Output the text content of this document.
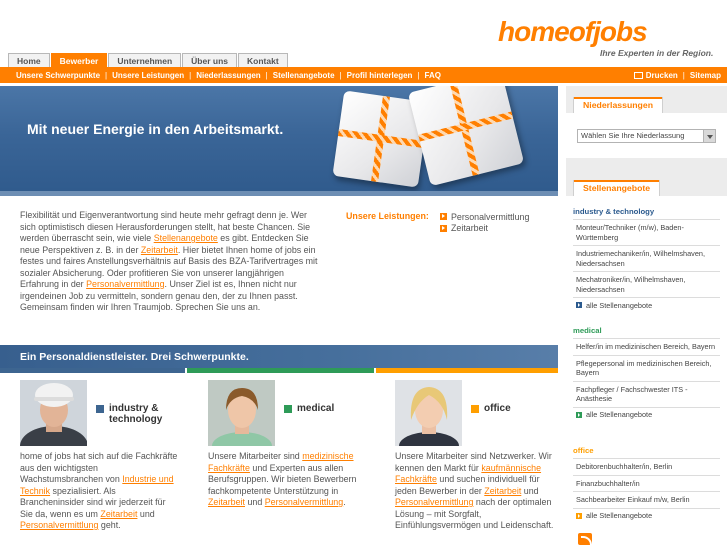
homeofjobs
Ihre Experten in der Region.
Home	Bewerber	Unternehmen	Über uns	Kontakt
Unsere Schwerpunkte | Unsere Leistungen | Niederlassungen | Stellenangebote | Profil hinterlegen | FAQ	Drucken | Sitemap
Mit neuer Energie in den Arbeitsmarkt.
Flexibilität und Eigenverantwortung sind heute mehr gefragt denn je. Wer sich optimistisch diesen Herausforderungen stellt, hat beste Chancen. Sie werden überrascht sein, wie viele Stellenangebote es gibt. Entdecken Sie neue Perspektiven z. B. in der Zeitarbeit. Hier bietet Ihnen home of jobs ein festes und faires Anstellungsverhältnis auf Basis des BZA-Tarifvertrages mit sozialer Absicherung. Oder profitieren Sie von unserer langjährigen Erfahrung in der Personalvermittlung. Unser Ziel ist es, Ihnen nicht nur irgendeinen Job zu vermitteln, sondern genau den, der zu Ihnen passt. Gemeinsam finden wir Ihren Traumjob. Sprechen Sie uns an.
Unsere Leistungen: Personalvermittlung
Zeitarbeit
Ein Personaldienstleister. Drei Schwerpunkte.
industry & technology
home of jobs hat sich auf die Fachkräfte aus den wichtigsten Wachstumsbranchen von Industrie und Technik spezialisiert. Als Brancheninsider sind wir jederzeit für Sie da, wenn es um Zeitarbeit und Personalvermittlung geht.
medical
Unsere Mitarbeiter sind medizinische Fachkräfte und Experten aus allen Berufsgruppen. Wir bieten Bewerbern fachkompetente Unterstützung in Zeitarbeit und Personalvermittlung.
office
Unsere Mitarbeiter sind Netzwerker. Wir kennen den Markt für kaufmännische Fachkräfte und suchen individuell für jeden Bewerber in der Zeitarbeit und Personalvermittlung nach der optimalen Lösung – mit Sorgfalt, Einfühlungsvermögen und Leidenschaft.
Niederlassungen
Wählen Sie Ihre Niederlassung
Stellenangebote
industry & technology
Monteur/Techniker (m/w), Baden-Württemberg
Industriemechaniker/in, Wilhelmshaven, Niedersachsen
Mechatroniker/in, Wilhelmshaven, Niedersachsen
alle Stellenangebote
medical
Helfer/in im medizinischen Bereich, Bayern
Pflegepersonal im medizinischen Bereich, Bayern
Fachpfleger / Fachschwester ITS - Anästhesie
alle Stellenangebote
office
Debitorenbuchhalter/in, Berlin
Finanzbuchhalter/in
Sachbearbeiter Einkauf m/w, Berlin
alle Stellenangebote
